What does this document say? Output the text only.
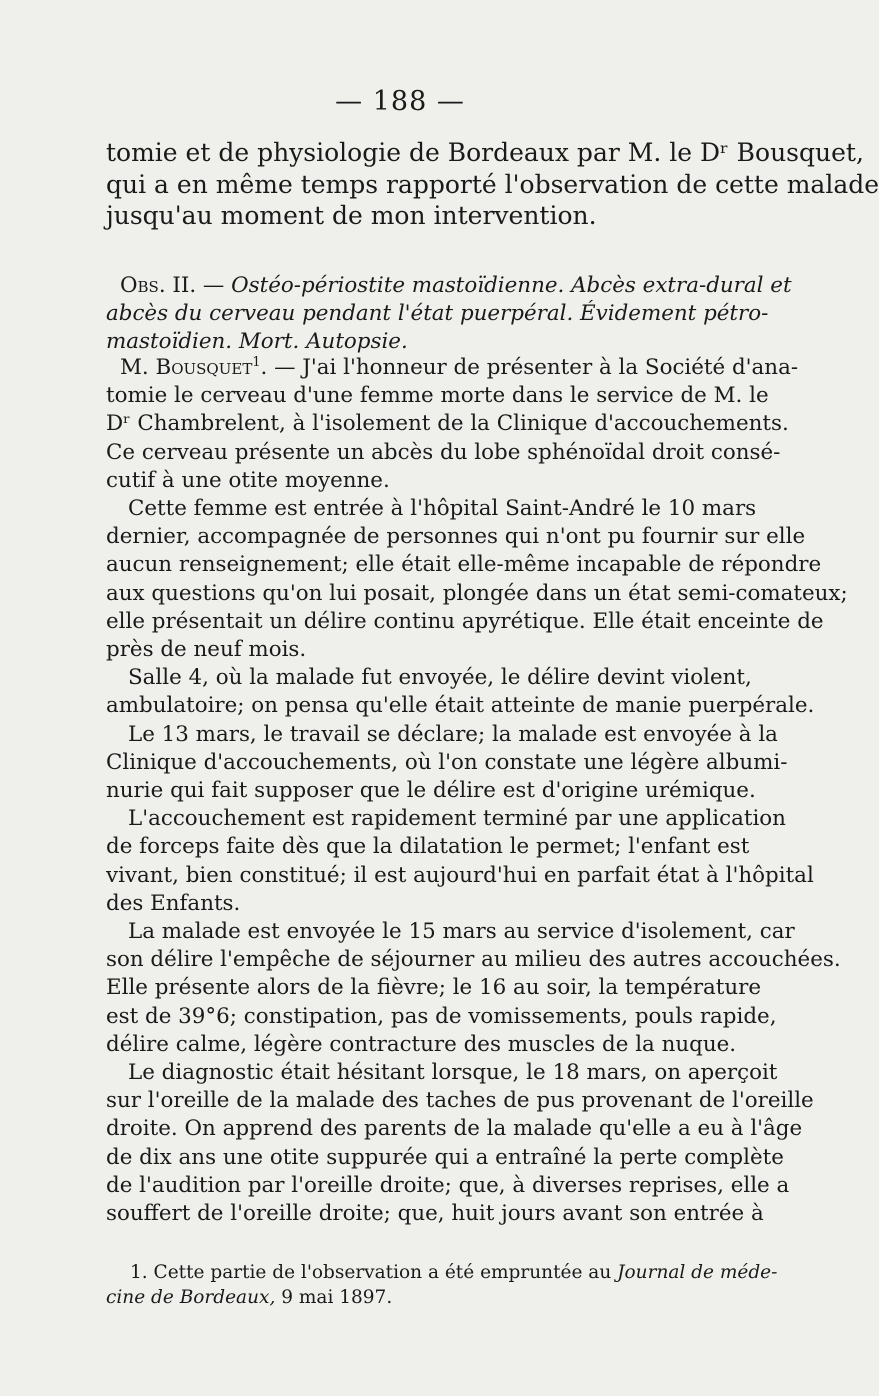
— 188 —
tomie et de physiologie de Bordeaux par M. le Dʳ Bousquet,
qui a en même temps rapporté l'observation de cette malade
jusqu'au moment de mon intervention.
Obs. II. — Ostéo-périostite mastoïdienne. Abcès extra-dural et
abcès du cerveau pendant l'état puerpéral. Évidement pétro-
mastoïdien. Mort. Autopsie.
M. Bousquet$^1$. — J'ai l'honneur de présenter à la Société d'ana-
tomie le cerveau d'une femme morte dans le service de M. le
Dʳ Chambrelent, à l'isolement de la Clinique d'accouchements.
Ce cerveau présente un abcès du lobe sphénoïdal droit consé-
cutif à une otite moyenne.
Cette femme est entrée à l'hôpital Saint-André le 10 mars
dernier, accompagnée de personnes qui n'ont pu fournir sur elle
aucun renseignement; elle était elle-même incapable de répondre
aux questions qu'on lui posait, plongée dans un état semi-comateux;
elle présentait un délire continu apyrétique. Elle était enceinte de
près de neuf mois.
Salle 4, où la malade fut envoyée, le délire devint violent,
ambulatoire; on pensa qu'elle était atteinte de manie puerpérale.
Le 13 mars, le travail se déclare; la malade est envoyée à la
Clinique d'accouchements, où l'on constate une légère albumi-
nurie qui fait supposer que le délire est d'origine urémique.
L'accouchement est rapidement terminé par une application
de forceps faite dès que la dilatation le permet; l'enfant est
vivant, bien constitué; il est aujourd'hui en parfait état à l'hôpital
des Enfants.
La malade est envoyée le 15 mars au service d'isolement, car
son délire l'empêche de séjourner au milieu des autres accouchées.
Elle présente alors de la fièvre; le 16 au soir, la température
est de 39°6; constipation, pas de vomissements, pouls rapide,
délire calme, légère contracture des muscles de la nuque.
Le diagnostic était hésitant lorsque, le 18 mars, on aperçoit
sur l'oreille de la malade des taches de pus provenant de l'oreille
droite. On apprend des parents de la malade qu'elle a eu à l'âge
de dix ans une otite suppurée qui a entraîné la perte complète
de l'audition par l'oreille droite; que, à diverses reprises, elle a
souffert de l'oreille droite; que, huit jours avant son entrée à
1. Cette partie de l'observation a été empruntée au Journal de méde-
cine de Bordeaux, 9 mai 1897.
